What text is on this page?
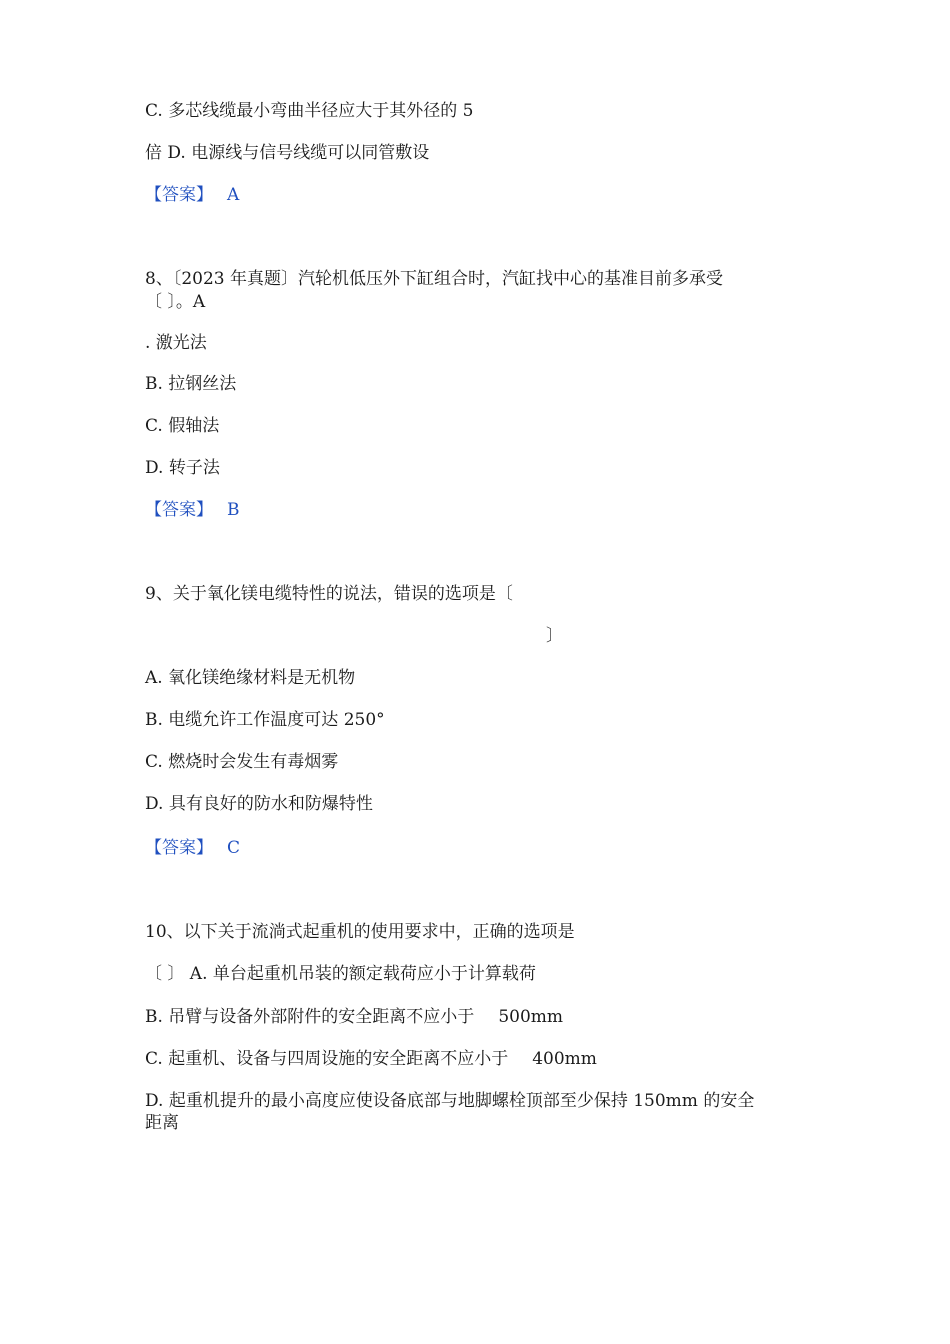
C. 多芯线缆最小弯曲半径应大于其外径的 5

倍 D. 电源线与信号线缆可以同管敷设

【答案】 A

8、〔2023 年真题〕汽轮机低压外下缸组合时，汽缸找中心的基准目前多承受

〔 〕。A

. 激光法

B. 拉钢丝法

C. 假轴法

D. 转子法

【答案】 B

9、关于氧化镁电缆特性的说法，错误的选项是〔

〕

A. 氧化镁绝缘材料是无机物

B. 电缆允许工作温度可达 250°

C. 燃烧时会发生有毒烟雾

D. 具有良好的防水和防爆特性

【答案】 C

10、以下关于流淌式起重机的使用要求中，正确的选项是

〔 〕 A. 单台起重机吊装的额定载荷应小于计算载荷

B. 吊臂与设备外部附件的安全距离不应小于 500mm

C. 起重机、设备与四周设施的安全距离不应小于 400mm

D. 起重机提升的最小高度应使设备底部与地脚螺栓顶部至少保持 150mm 的安全

距离
